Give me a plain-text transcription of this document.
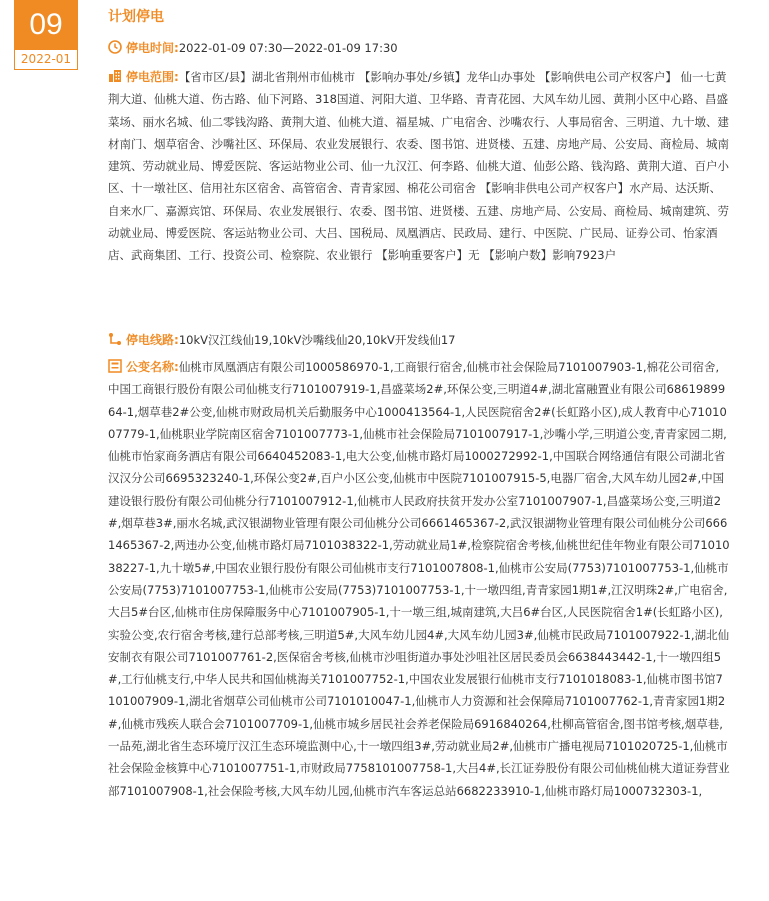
09
2022-01
计划停电
停电时间:2022-01-09 07:30—2022-01-09 17:30
停电范围:【省市区/县】湖北省荆州市仙桃市 【影响办事处/乡镇】龙华山办事处 【影响供电公司产权客户】 仙一七黄荆大道、仙桃大道、伤古路、仙下河路、318国道、河阳大道、卫华路、青青花园、大风车幼儿园、黄荆小区中心路、昌盛菜场、丽水名城、仙二零钱沟路、黄荆大道、仙桃大道、福星城、广电宿舍、沙嘴农行、人事局宿舍、三明道、九十墩、建材南门、烟草宿舍、沙嘴社区、环保局、农业发展银行、农委、图书馆、进贤楼、五建、房地产局、公安局、商检局、城南建筑、劳动就业局、博爱医院、客运站物业公司、仙一九汉江、何李路、仙桃大道、仙彭公路、钱沟路、黄荆大道、百户小区、十一墩社区、信用社东区宿舍、高管宿舍、青青家园、棉花公司宿舍 【影响非供电公司产权客户】水产局、达沃斯、自来水厂、嘉源宾馆、环保局、农业发展银行、农委、图书馆、进贤楼、五建、房地产局、公安局、商检局、城南建筑、劳动就业局、博爱医院、客运站物业公司、大吕、国税局、凤凰酒店、民政局、建行、中医院、广民局、证券公司、怡家酒店、武商集团、工行、投资公司、检察院、农业银行 【影响重要客户】无 【影响户数】影响7923户
停电线路:10kV汉江线仙19,10kV沙嘴线仙20,10kV开发线仙17
公变名称:仙桃市凤凰酒店有限公司1000586970-1,工商银行宿舍,仙桃市社会保险局7101007903-1,棉花公司宿舍,中国工商银行股份有限公司仙桃支行7101007919-1,昌盛菜场2#,环保公变,三明道4#,湖北富融置业有限公司6861989964-1,烟草巷2#公变,仙桃市财政局机关后勤服务中心1000413564-1,人民医院宿舍2#(长虹路小区),成人教育中心7101007779-1,仙桃职业学院南区宿舍7101007773-1,仙桃市社会保险局7101007917-1,沙嘴小学,三明道公变,青青家园二期,仙桃市怡家商务酒店有限公司6640452083-1,电大公变,仙桃市路灯局1000272992-1,中国联合网络通信有限公司湖北省汉汉分公司6695323240-1,环保公变2#,百户小区公变,仙桃市中医院7101007915-5,电器厂宿舍,大风车幼儿园2#,中国建设银行股份有限公司仙桃分行7101007912-1,仙桃市人民政府扶贫开发办公室7101007907-1,昌盛菜场公变,三明道2#,烟草巷3#,丽水名城,武汉银湖物业管理有限公司仙桃分公司6661465367-2,武汉银湖物业管理有限公司仙桃分公司6661465367-2,两违办公变,仙桃市路灯局7101038322-1,劳动就业局1#,检察院宿舍考核,仙桃世纪佳年物业有限公司7101038227-1,九十墩5#,中国农业银行股份有限公司仙桃市支行7101007808-1,仙桃市公安局(7753)7101007753-1,仙桃市公安局(7753)7101007753-1,仙桃市公安局(7753)7101007753-1,十一墩四组,青青家园1期1#,江汉明珠2#,广电宿舍,大吕5#台区,仙桃市住房保障服务中心7101007905-1,十一墩三组,城南建筑,大吕6#台区,人民医院宿舍1#(长虹路小区),实验公变,农行宿舍考核,建行总部考核,三明道5#,大风车幼儿园4#,大风车幼儿园3#,仙桃市民政局7101007922-1,湖北仙安制衣有限公司7101007761-2,医保宿舍考核,仙桃市沙咀街道办事处沙咀社区居民委员会6638443442-1,十一墩四组5#,工行仙桃支行,中华人民共和国仙桃海关7101007752-1,中国农业发展银行仙桃市支行7101018083-1,仙桃市图书馆7101007909-1,湖北省烟草公司仙桃市公司7101010047-1,仙桃市人力资源和社会保障局7101007762-1,青青家园1期2#,仙桃市残疾人联合会7101007709-1,仙桃市城乡居民社会养老保险局6916840264,杜柳高管宿舍,图书馆考核,烟草巷,一品苑,湖北省生态环境厅汉江生态环境监测中心,十一墩四组3#,劳动就业局2#,仙桃市广播电视局7101020725-1,仙桃市社会保险金核算中心7101007751-1,市财政局7758101007758-1,大吕4#,长江证券股份有限公司仙桃仙桃大道证券营业部7101007908-1,社会保险考核,大风车幼儿园,仙桃市汽车客运总站6682233910-1,仙桃市路灯局1000732303-1,
